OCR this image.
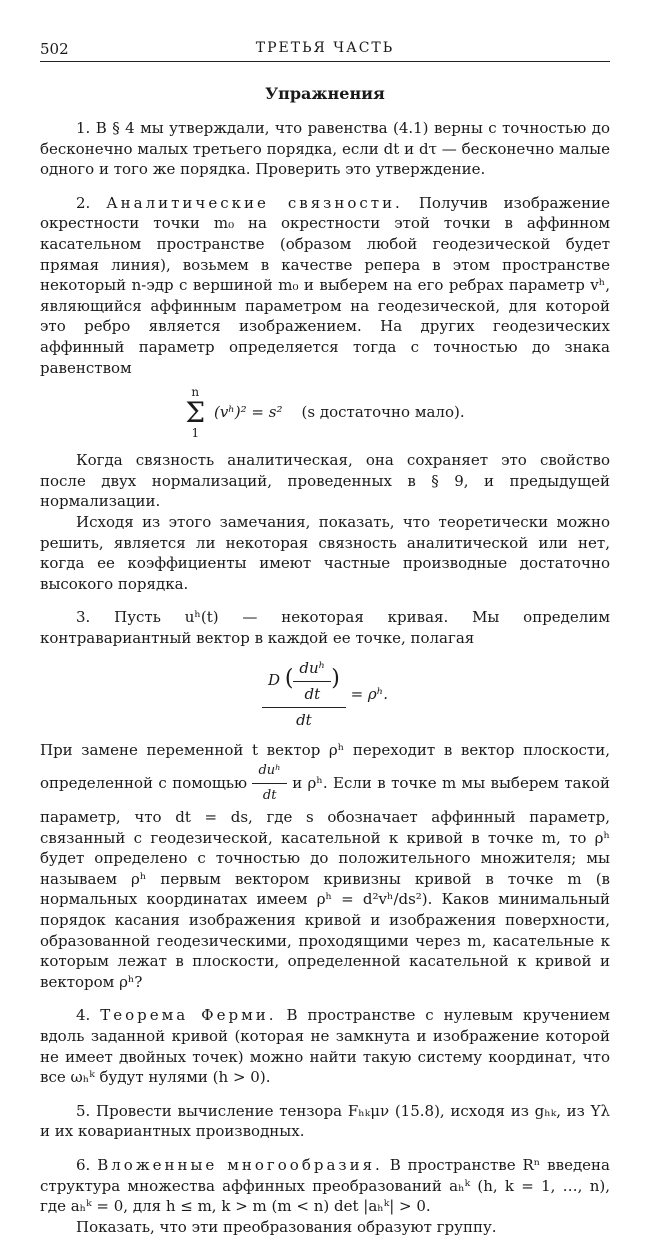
502	ТРЕТЬЯ ЧАСТЬ
Упражнения

1. В § 4 мы утверждали, что равенства (4.1) верны с точностью до бесконечно малых третьего порядка, если dt и dτ — бесконечно малые одного и того же порядка. Проверить это утверждение.

2. Аналитические связности. Получив изображение окрестности точки m₀ на окрестности этой точки в аффинном касательном пространстве (образом любой геодезической будет прямая линия), возьмем в качестве репера в этом пространстве некоторый n-эдр с вершиной m₀ и выберем на его ребрах параметр vʰ, являющийся аффинным параметром на геодезической, для которой это ребро является изображением. На других геодезических аффинный параметр определяется тогда с точностью до знака равенством

n
Σ
1
(vʰ)² = s² (s достаточно мало).

Когда связность аналитическая, она сохраняет это свойство после двух нормализаций, проведенных в § 9, и предыдущей нормализации.

Исходя из этого замечания, показать, что теоретически можно решить, является ли некоторая связность аналитической или нет, когда ее коэффициенты имеют частные производные достаточно высокого порядка.

3. Пусть uʰ(t) — некоторая кривая. Мы определим контравариантный вектор в каждой ее точке, полагая

$\frac{D ( \frac{\text{duʰ}}{dt} )}{dt}$
= ρʰ.

При замене переменной t вектор ρʰ переходит в вектор плоскости, определенной с помощью $\frac{\text{duʰ}}{dt}$ и ρʰ. Если в точке m мы выберем такой параметр, что dt = ds, где s обозначает аффинный параметр, связанный с геодезической, касательной к кривой в точке m, то ρʰ будет определено с точностью до положительного множителя; мы называем ρʰ первым вектором кривизны кривой в точке m (в нормальных координатах имеем ρʰ = d²vʰ/ds²). Каков минимальный порядок касания изображения кривой и изображения поверхности, образованной геодезическими, проходящими через m, касательные к которым лежат в плоскости, определенной касательной к кривой и вектором ρʰ?

4. Теорема Ферми. В пространстве с нулевым кручением вдоль заданной кривой (которая не замкнута и изображение которой не имеет двойных точек) можно найти такую систему координат, что все ωₕᵏ будут нулями (h > 0).

5. Провести вычисление тензора Fₕₖμν (15.8), исходя из gₕₖ, из Yλ и их ковариантных производных.

6. Вложенные многообразия. В пространстве Rⁿ введена структура множества аффинных преобразований aₕᵏ (h, k = 1, …, n), где aₕᵏ = 0, для h ≤ m, k > m (m < n) det |aₕᵏ| > 0.

Показать, что эти преобразования образуют группу.
